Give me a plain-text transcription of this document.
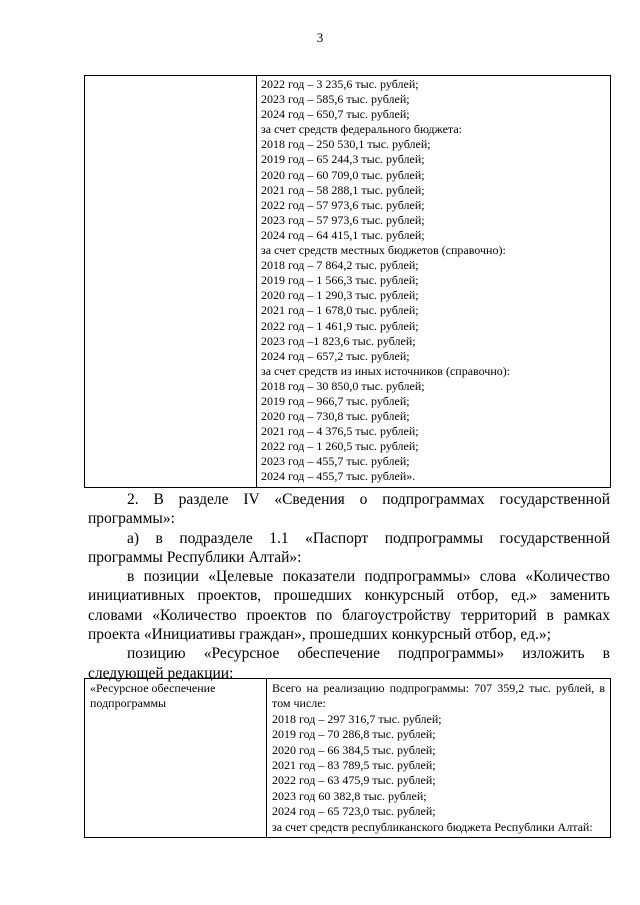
3

2022 год – 3 235,6 тыс. рублей;
2023 год – 585,6 тыс. рублей;
2024 год – 650,7 тыс. рублей;
за счет средств федерального бюджета:
2018 год – 250 530,1 тыс. рублей;
2019 год – 65 244,3 тыс. рублей;
2020 год – 60 709,0 тыс. рублей;
2021 год – 58 288,1 тыс. рублей;
2022 год – 57 973,6 тыс. рублей;
2023 год – 57 973,6 тыс. рублей;
2024 год – 64 415,1 тыс. рублей;
за счет средств местных бюджетов (справочно):
2018 год – 7 864,2 тыс. рублей;
2019 год – 1 566,3 тыс. рублей;
2020 год – 1 290,3 тыс. рублей;
2021 год – 1 678,0 тыс. рублей;
2022 год – 1 461,9 тыс. рублей;
2023 год –1 823,6 тыс. рублей;
2024 год – 657,2 тыс. рублей;
за счет средств из иных источников (справочно):
2018 год – 30 850,0 тыс. рублей;
2019 год – 966,7 тыс. рублей;
2020 год – 730,8 тыс. рублей;
2021 год – 4 376,5 тыс. рублей;
2022 год – 1 260,5 тыс. рублей;
2023 год – 455,7 тыс. рублей;
2024 год – 455,7 тыс. рублей».

2. В разделе IV «Сведения о подпрограммах государственной программы»:

а) в подразделе 1.1 «Паспорт подпрограммы государственной программы Республики Алтай»:

в позиции «Целевые показатели подпрограммы» слова «Количество инициативных проектов, прошедших конкурсный отбор, ед.» заменить словами «Количество проектов по благоустройству территорий в рамках проекта «Инициативы граждан», прошедших конкурсный отбор, ед.»;

позицию «Ресурсное обеспечение подпрограммы» изложить в следующей редакции:

«Ресурсное обеспечение подпрограммы	
Всего на реализацию подпрограммы: 707 359,2 тыс. рублей, в том числе:
2018 год – 297 316,7 тыс. рублей;
2019 год – 70 286,8 тыс. рублей;
2020 год – 66 384,5 тыс. рублей;
2021 год – 83 789,5 тыс. рублей;
2022 год – 63 475,9 тыс. рублей;
2023 год 60 382,8 тыс. рублей;
2024 год – 65 723,0 тыс. рублей;
за счет средств республиканского бюджета Республики Алтай:
